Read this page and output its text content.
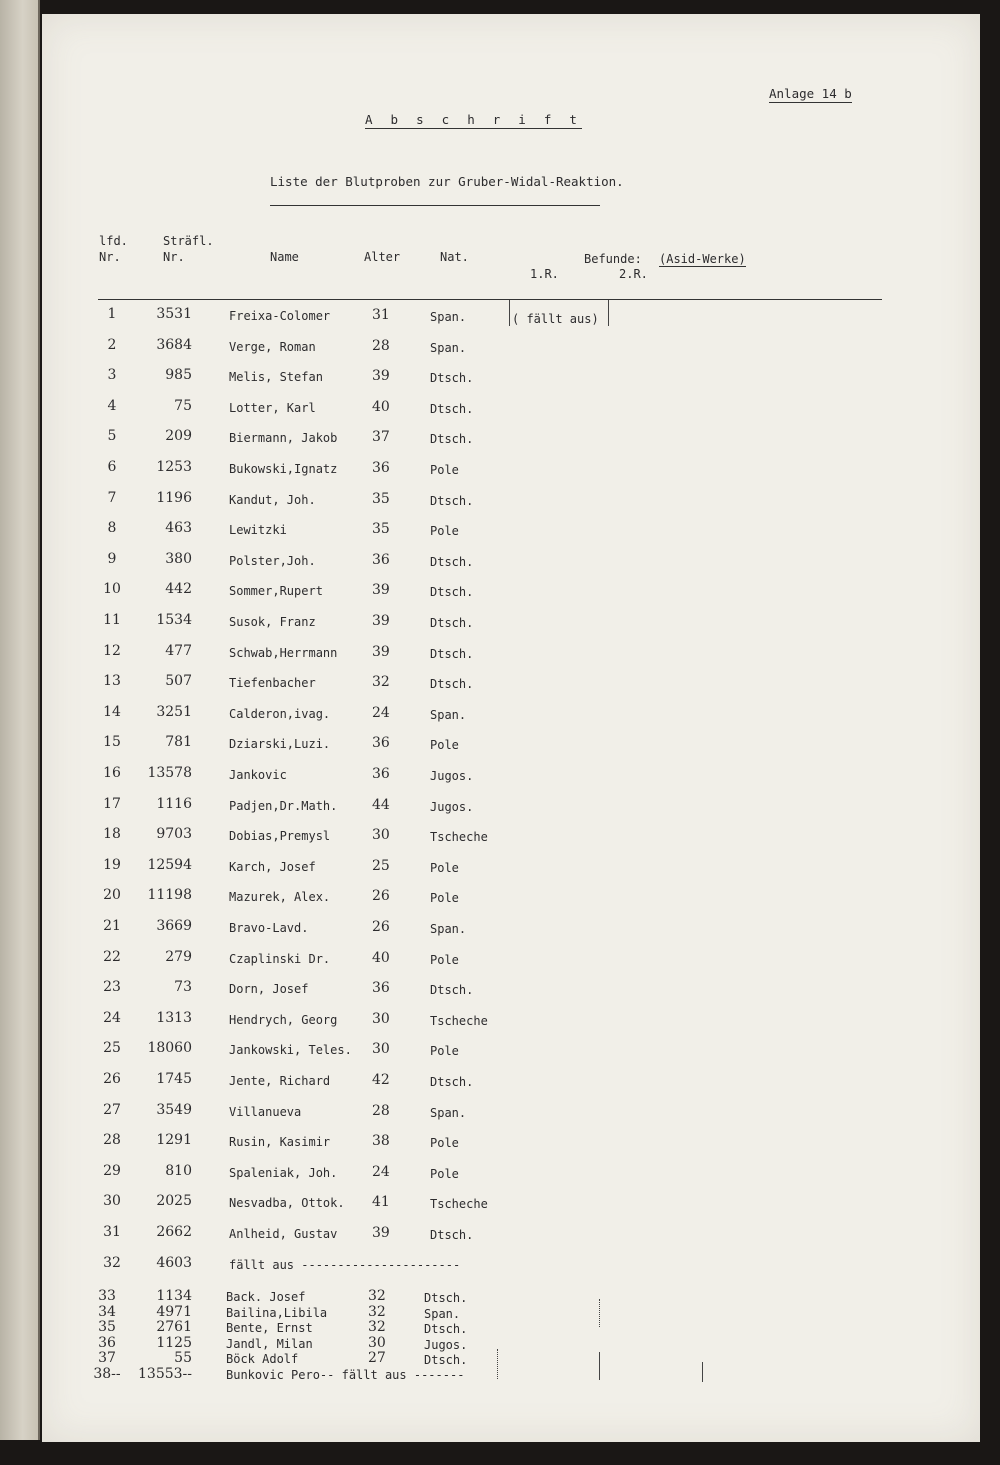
Anlage 14 b
A b s c h r i f t
Liste der Blutproben zur Gruber-Widal-Reaktion.
lfd.
Nr.
Sträfl.
Nr.	Name	Alter	Nat.	Befunde: (Asid-Werke)
1.R.	2.R.
( fällt aus)
1	3531	Freixa-Colomer	31	Span.
2	3684	Verge, Roman	28	Span.
3	985	Melis, Stefan	39	Dtsch.
4	75	Lotter, Karl	40	Dtsch.
5	209	Biermann, Jakob 37	Dtsch.
6	1253	Bukowski,Ignatz 36	Pole
7	1196	Kandut, Joh.	35	Dtsch.
8	463	Lewitzki	35	Pole
9	380	Polster,Joh.	36	Dtsch.
10	442	Sommer,Rupert	39	Dtsch.
11	1534	Susok, Franz	39	Dtsch.
12	477	Schwab,Herrmann 39	Dtsch.
13	507	Tiefenbacher	32	Dtsch.
14	3251	Calderon,ivag.	24	Span.
15	781	Dziarski,Luzi.	36	Pole
16	13578	Jankovic	36	Jugos.
17	1116	Padjen,Dr.Math. 44	Jugos.
18	9703	Dobias,Premysl	30	Tscheche
19	12594	Karch, Josef	25	Pole
20	11198	Mazurek, Alex.	26	Pole
21	3669	Bravo-Lavd.	26	Span.
22	279	Czaplinski Dr.	40	Pole
23	73	Dorn, Josef	36	Dtsch.
24	1313	Hendrych, Georg 30	Tscheche
25	18060	Jankowski, Teles. 30	Pole
26	1745	Jente, Richard	42	Dtsch.
27	3549	Villanueva	28	Span.
28	1291	Rusin, Kasimir	38	Pole
29	810	Spaleniak, Joh. 24	Pole
30	2025	Nesvadba, Ottok. 41	Tscheche
31	2662	Anlheid, Gustav 39	Dtsch.
32	4603	fällt aus ----------------------
33	1134	Back. Josef	32	Dtsch.
34	4971	Bailina,Libila	32	Span.
35	2761	Bente, Ernst	32	Dtsch.
36	1125	Jandl, Milan	30	Jugos.
37	55	Böck Adolf	27	Dtsch.
38--	13553--	Bunkovic Pero-- fällt aus -------
